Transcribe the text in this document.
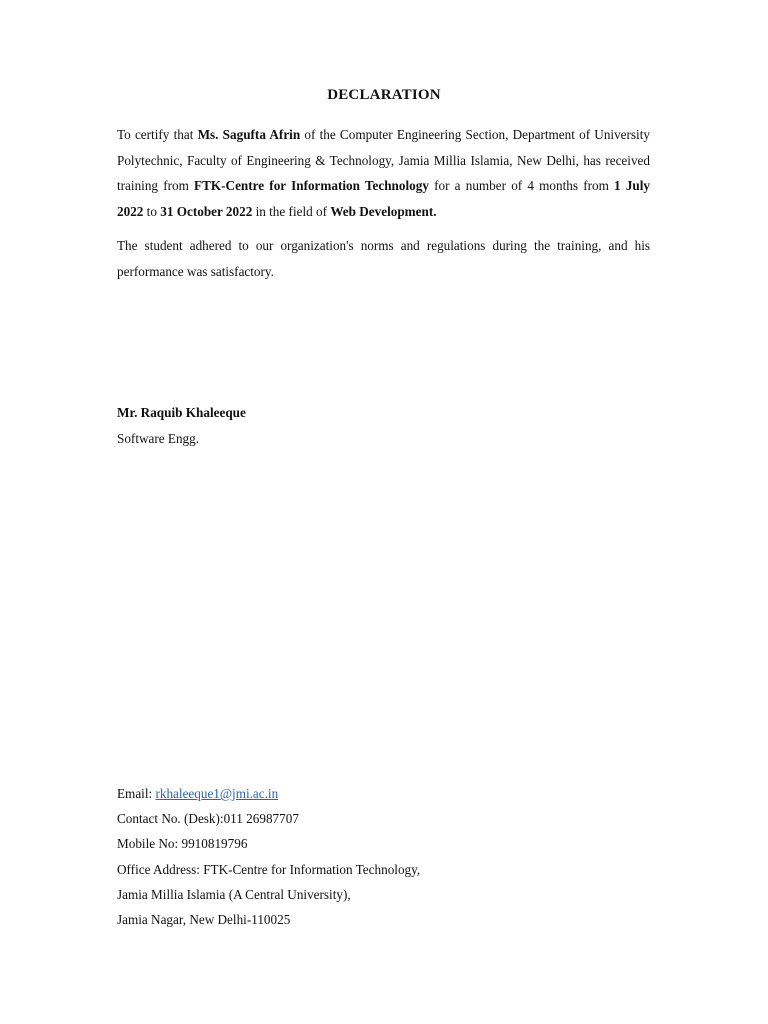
DECLARATION

To certify that Ms. Sagufta Afrin of the Computer Engineering Section, Department of University Polytechnic, Faculty of Engineering & Technology, Jamia Millia Islamia, New Delhi, has received training from FTK-Centre for Information Technology for a number of 4 months from 1 July 2022 to 31 October 2022 in the field of Web Development.

The student adhered to our organization's norms and regulations during the training, and his performance was satisfactory.

Mr. Raquib Khaleeque
Software Engg.
Email: rkhaleeque1@jmi.ac.in
Contact No. (Desk):011 26987707
Mobile No: 9910819796
Office Address: FTK-Centre for Information Technology,
Jamia Millia Islamia (A Central University),
Jamia Nagar, New Delhi-110025
